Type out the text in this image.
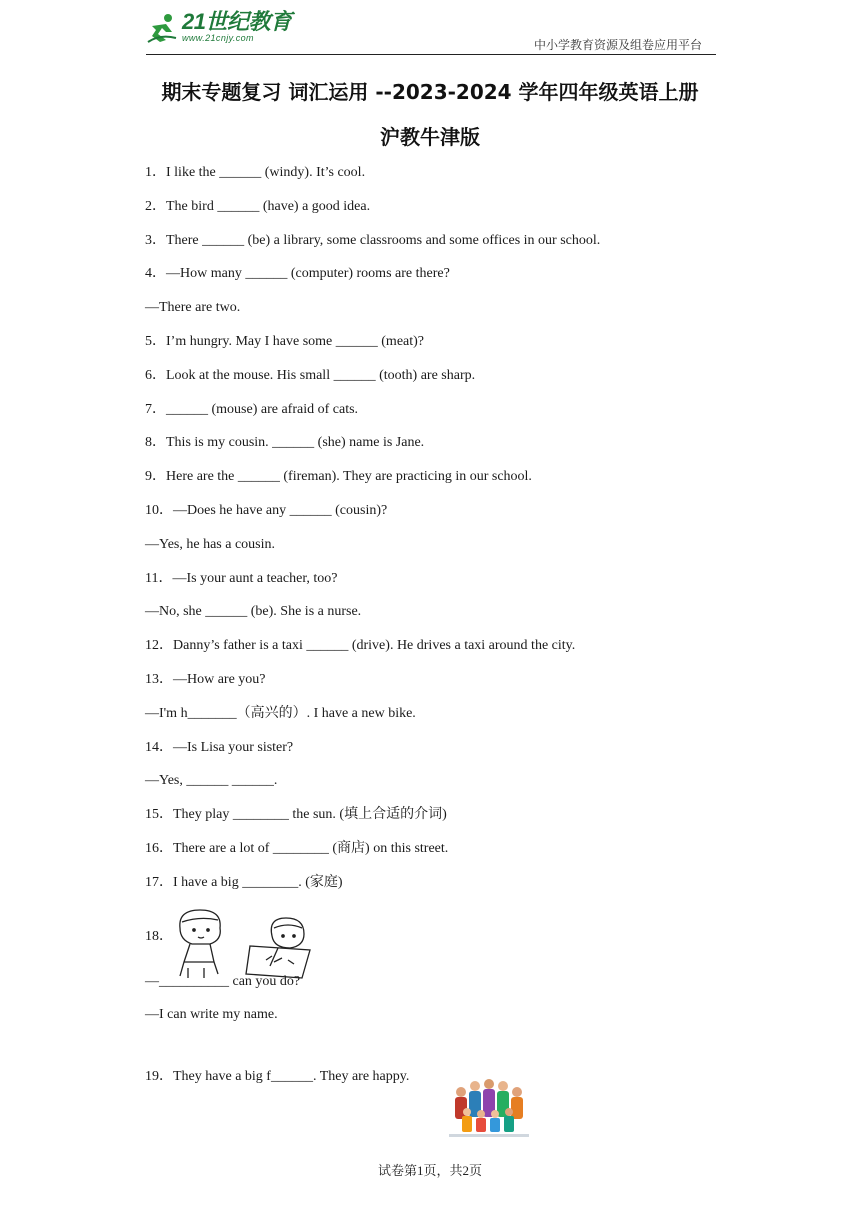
21世纪教育
www.21cnjy.com	中小学教育资源及组卷应用平台
期末专题复习 词汇运用 --2023-2024 学年四年级英语上册
沪教牛津版
1．I like the ______ (windy). It’s cool.
2．The bird ______ (have) a good idea.
3．There ______ (be) a library, some classrooms and some offices in our school.
4．—How many ______ (computer) rooms are there?
—There are two.
5．I’m hungry. May I have some ______ (meat)?
6．Look at the mouse. His small ______ (tooth) are sharp.
7．______ (mouse) are afraid of cats.
8．This is my cousin. ______ (she) name is Jane.
9．Here are the ______ (fireman). They are practicing in our school.
10．—Does he have any ______ (cousin)?
—Yes, he has a cousin.
11．—Is your aunt a teacher, too?
—No, she ______ (be). She is a nurse.
12．Danny’s father is a taxi ______ (drive). He drives a taxi around the city.
13．—How are you?
—I'm h_______（高兴的）. I have a new bike.
14．—Is Lisa your sister?
—Yes, ______ ______.
15．They play ________ the sun. (填上合适的介词)
16．There are a lot of ________ (商店) on this street.
17．I have a big ________. (家庭)
18．
—__________ can you do?
—I can write my name.
19．They have a big f______. They are happy.
试卷第1页，共2页
